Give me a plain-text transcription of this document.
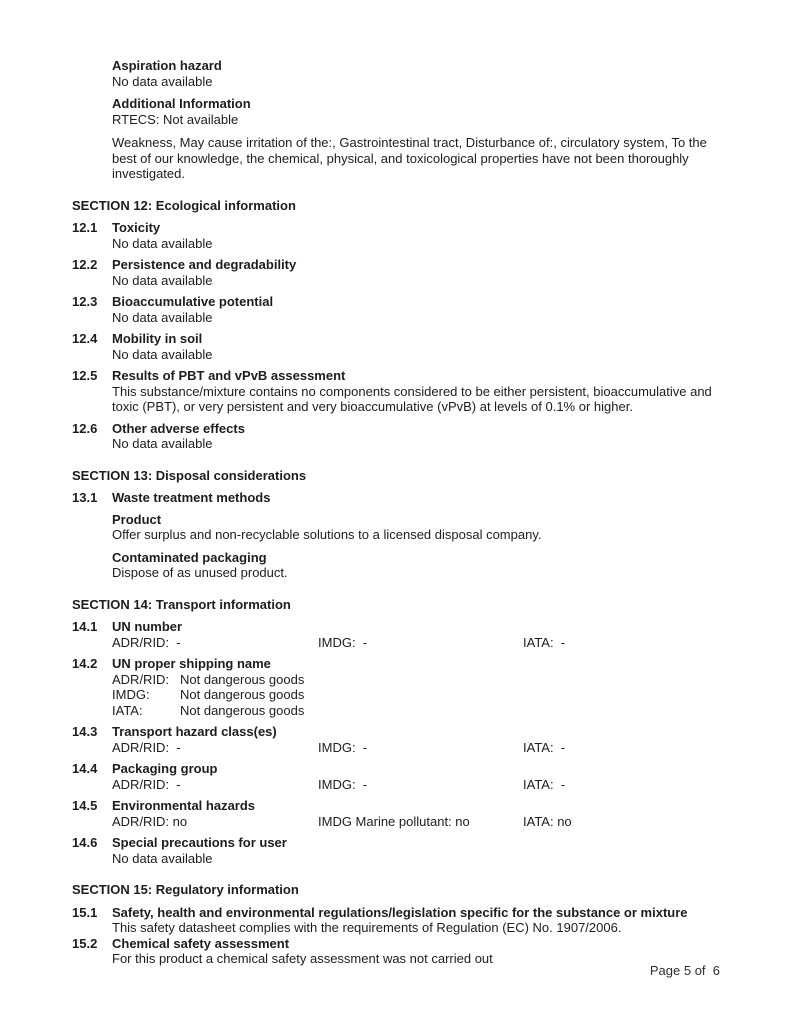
Aspiration hazard
No data available
Additional Information
RTECS: Not available
Weakness, May cause irritation of the:, Gastrointestinal tract, Disturbance of:, circulatory system, To the best of our knowledge, the chemical, physical, and toxicological properties have not been thoroughly investigated.
SECTION 12: Ecological information
12.1	Toxicity
No data available
12.2	Persistence and degradability
No data available
12.3	Bioaccumulative potential
No data available
12.4	Mobility in soil
No data available
12.5	Results of PBT and vPvB assessment
This substance/mixture contains no components considered to be either persistent, bioaccumulative and toxic (PBT), or very persistent and very bioaccumulative (vPvB) at levels of 0.1% or higher.
12.6	Other adverse effects
No data available
SECTION 13: Disposal considerations
13.1	Waste treatment methods
Product
Offer surplus and non-recyclable solutions to a licensed disposal company.
Contaminated packaging
Dispose of as unused product.
SECTION 14: Transport information
14.1	UN number
ADR/RID:  -	IMDG:  -	IATA:  -
14.2	UN proper shipping name
ADR/RID: Not dangerous goods
IMDG:	Not dangerous goods
IATA:	Not dangerous goods
14.3	Transport hazard class(es)
ADR/RID:  -	IMDG:  -	IATA:  -
14.4	Packaging group
ADR/RID:  -	IMDG:  -	IATA:  -
14.5	Environmental hazards
ADR/RID: no	IMDG Marine pollutant: no	IATA: no
14.6	Special precautions for user
No data available
SECTION 15: Regulatory information
15.1	Safety, health and environmental regulations/legislation specific for the substance or mixture
This safety datasheet complies with the requirements of Regulation (EC) No. 1907/2006.
15.2	Chemical safety assessment
For this product a chemical safety assessment was not carried out
Page 5 of  6
